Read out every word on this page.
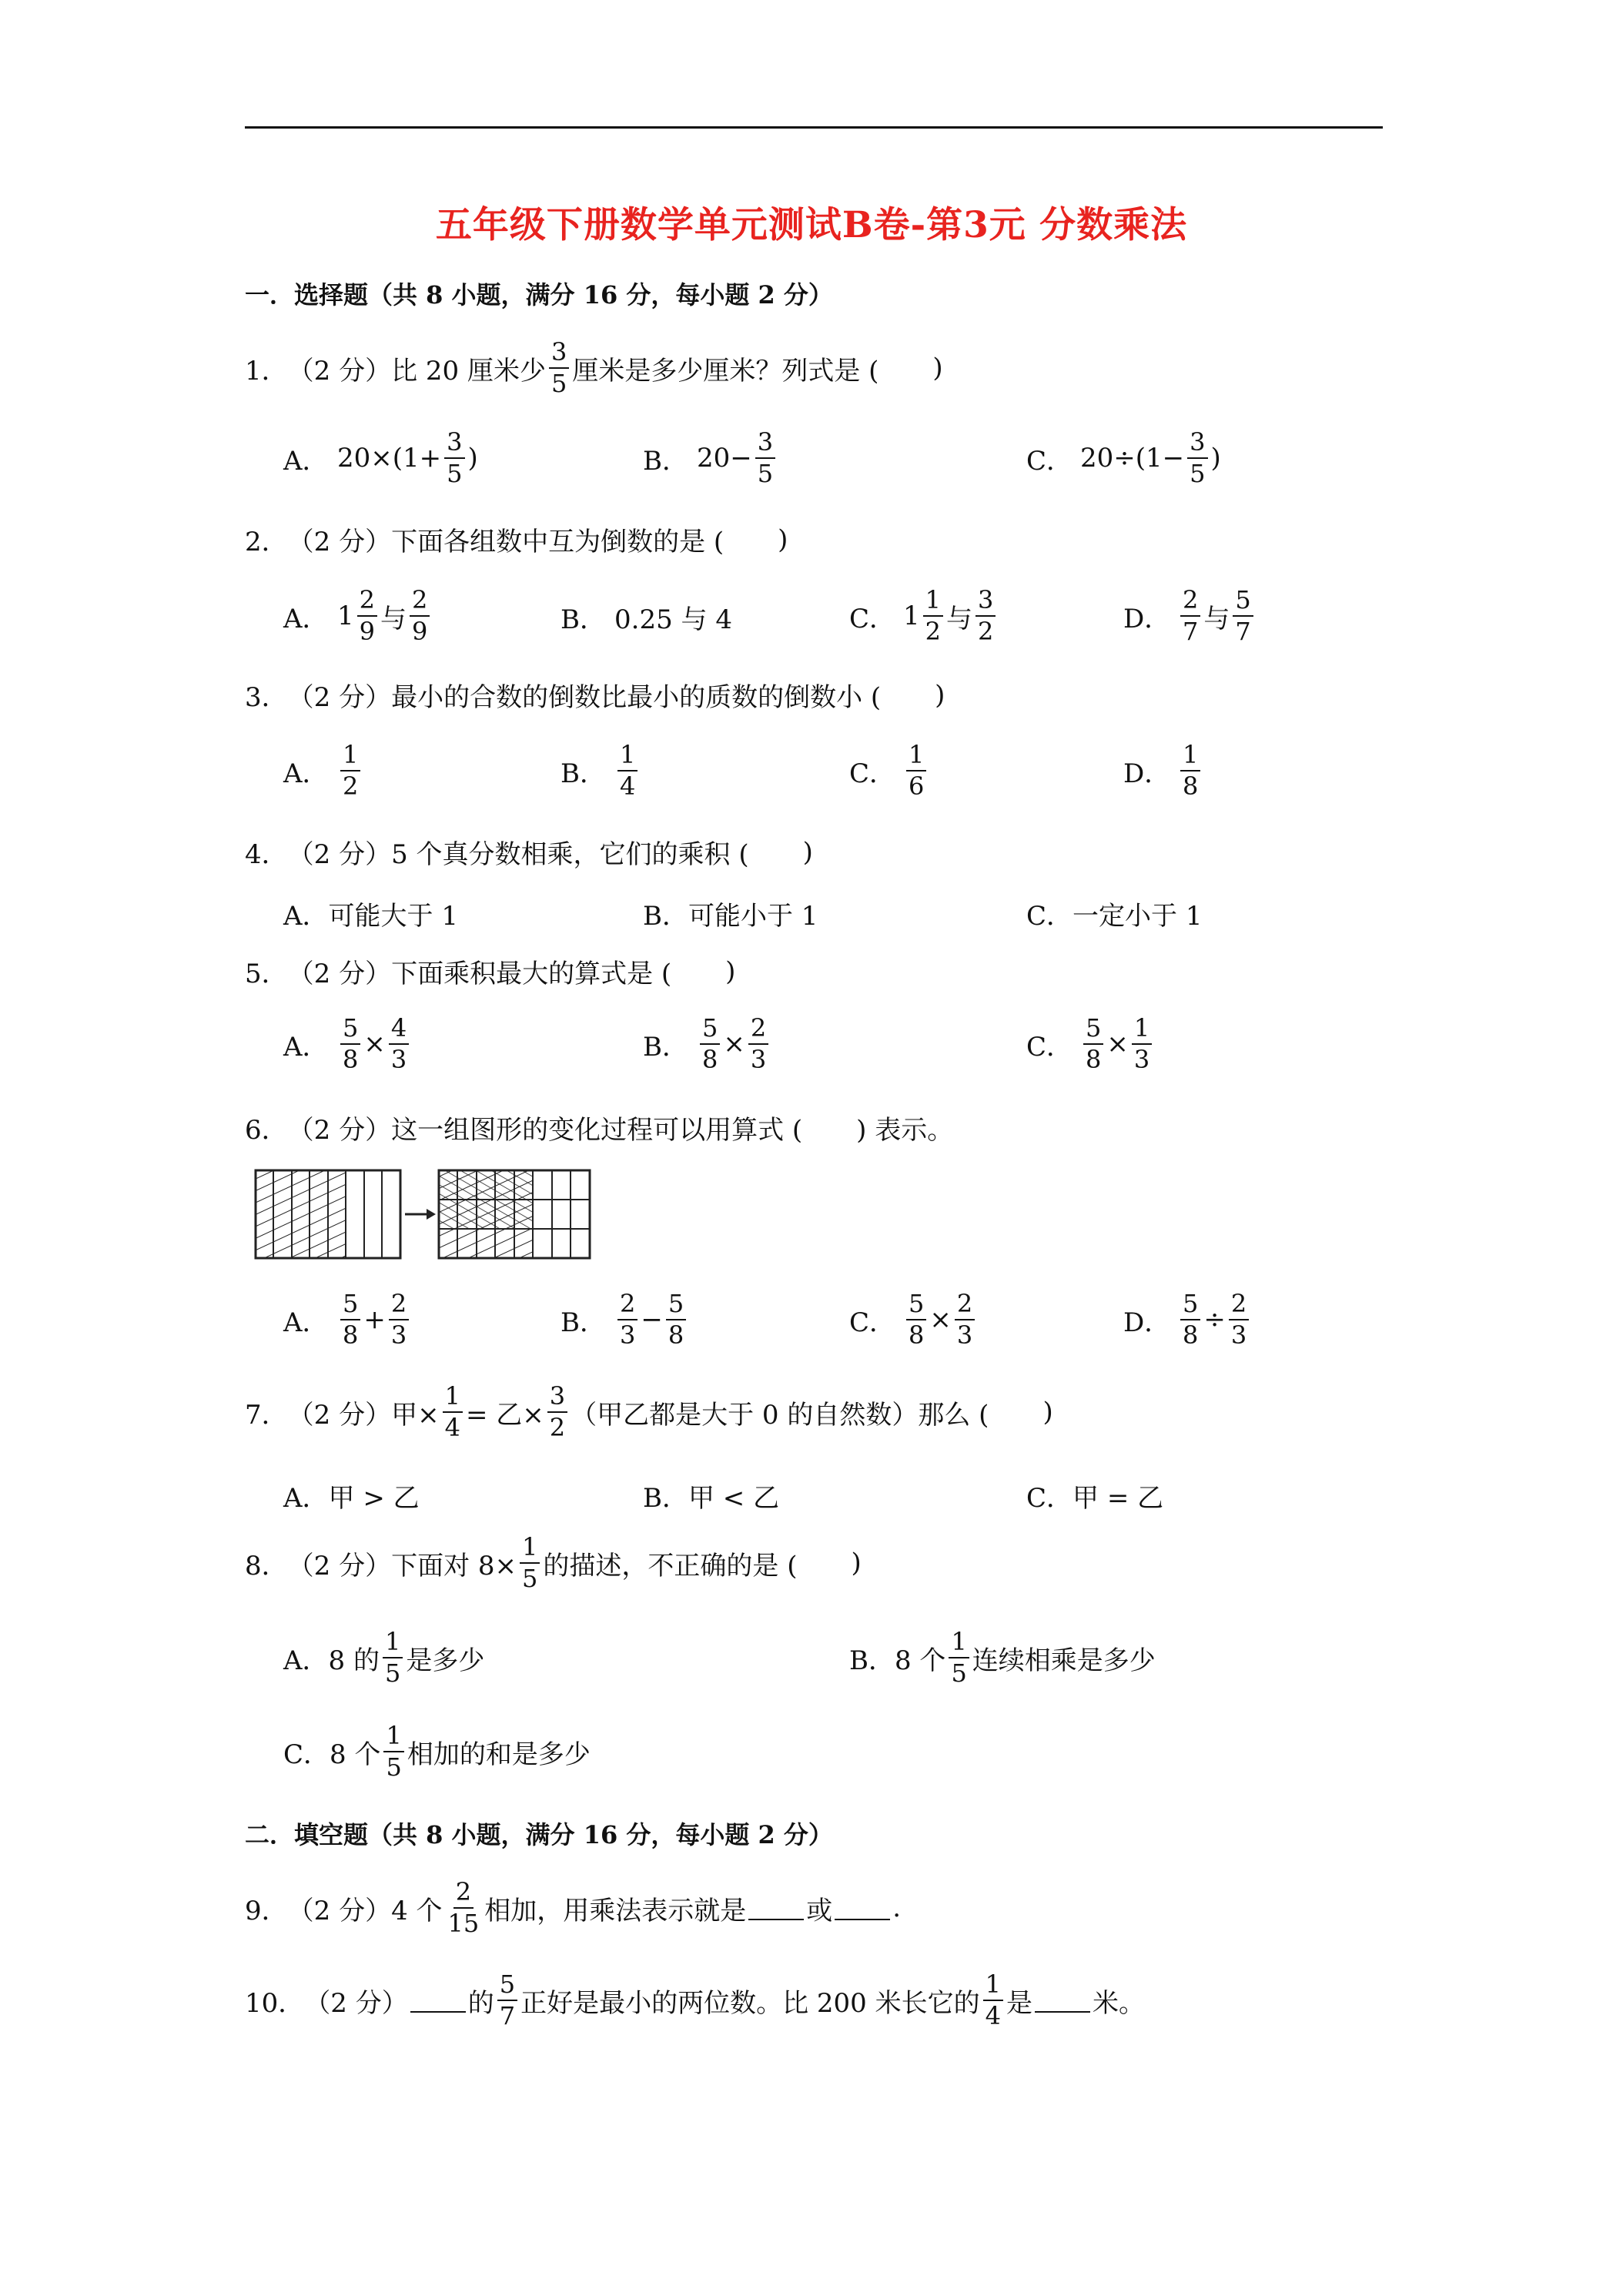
五年级下册数学单元测试B卷-第3元 分数乘法
一．选择题（共 8 小题，满分 16 分，每小题 2 分）
1． （2 分） 比 20 厘米少 $\frac{3}{5}$ 厘米是多少厘米？列式是 ( )
A． $20\times(1+ \frac{3}{5}$ )	B． $20- \frac{3}{5}$	C． $20\div(1- \frac{3}{5}$ )
2． （2 分） 下面各组数中互为倒数的是 ( )
A． $1 \frac{2}{9}$ 与 $\frac{2}{9}$	B． 0.25 与 4	C． $1 \frac{1}{2}$ 与 $\frac{3}{2}$	D． $\frac{2}{7}$ 与 $\frac{5}{7}$
3． （2 分） 最小的合数的倒数比最小的质数的倒数小 ( )
A． $\frac{1}{2}$	B． $\frac{1}{4}$	C． $\frac{1}{6}$	D． $\frac{1}{8}$
4． （2 分） 5 个真分数相乘，它们的乘积 ( )
A．可能大于 1	B．可能小于 1	C．一定小于 1
5． （2 分） 下面乘积最大的算式是 ( )
A． $\frac{5}{8} \times \frac{4}{3}$	B． $\frac{5}{8} \times \frac{2}{3}$	C． $\frac{5}{8} \times \frac{1}{3}$
6． （2 分） 这一组图形的变化过程可以用算式 ( ) 表示。
A． $\frac{5}{8} + \frac{2}{3}$	B． $\frac{2}{3} - \frac{5}{8}$	C． $\frac{5}{8} \times \frac{2}{3}$	D． $\frac{5}{8} \div \frac{2}{3}$
7． （2 分） 甲× $\frac{1}{4}$ = 乙× $\frac{3}{2}$ （甲乙都是大于 0 的自然数）那么 ( )
A．甲 > 乙	B．甲 < 乙	C．甲 = 乙
8． （2 分） 下面对 $8\times \frac{1}{5}$ 的描述，不正确的是 ( )
A．8 的 $\frac{1}{5}$ 是多少	B．8 个 $\frac{1}{5}$ 连续相乘是多少
C．8 个 $\frac{1}{5}$ 相加的和是多少
二．填空题（共 8 小题，满分 16 分，每小题 2 分）
9． （2 分） 4 个 $\frac{2}{15}$ 相加，用乘法表示就是 或 .
10． （2 分） 的 $\frac{5}{7}$ 正好是最小的两位数。比 200 米长它的 $\frac{1}{4}$ 是 米。
